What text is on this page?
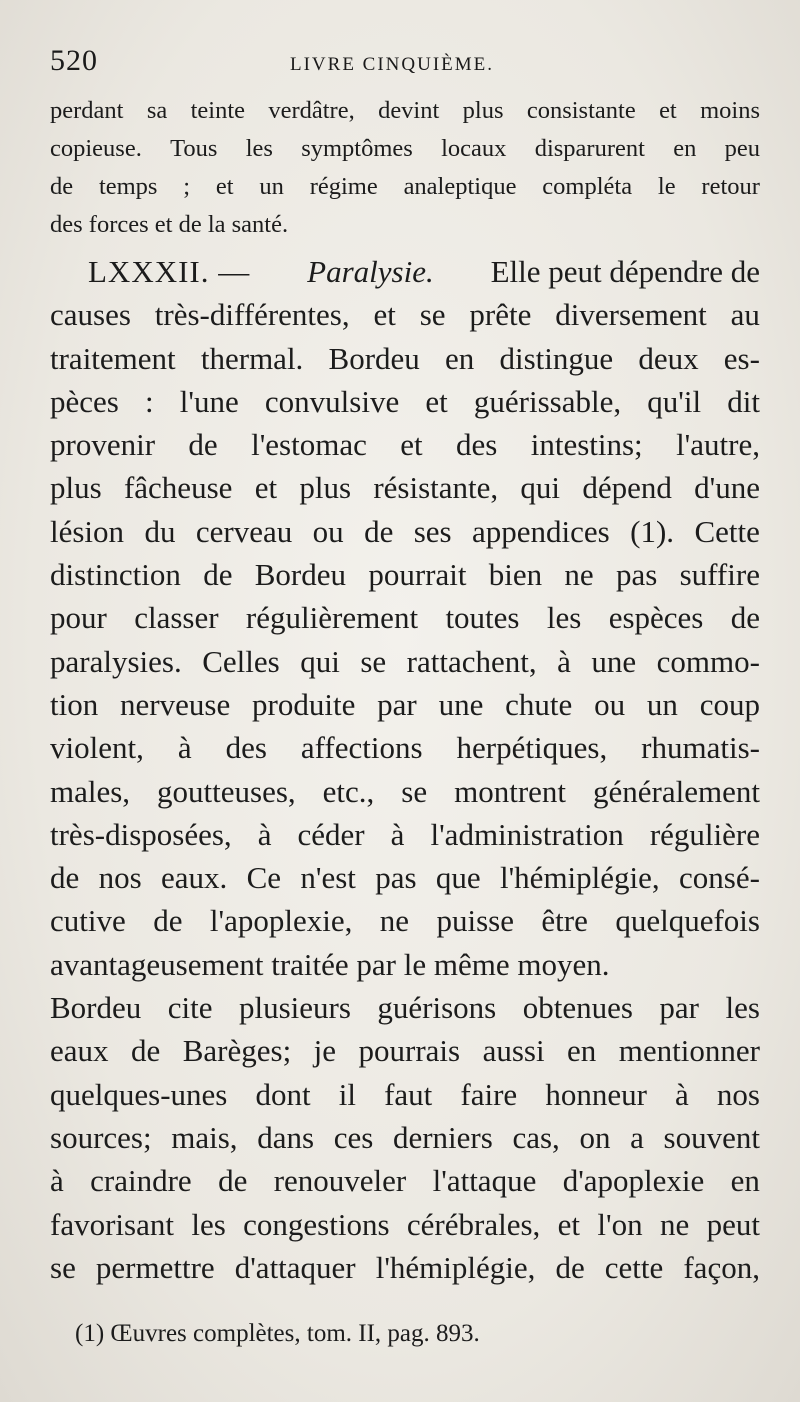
520	LIVRE CINQUIÈME.
perdant sa teinte verdâtre, devint plus consistante et moins
copieuse. Tous les symptômes locaux disparurent en peu
de temps ; et un régime analeptique compléta le retour
des forces et de la santé.
LXXXII. — Paralysie. Elle peut dépendre de
causes très-différentes, et se prête diversement au
traitement thermal. Bordeu en distingue deux es-
pèces : l'une convulsive et guérissable, qu'il dit
provenir de l'estomac et des intestins; l'autre,
plus fâcheuse et plus résistante, qui dépend d'une
lésion du cerveau ou de ses appendices (1). Cette
distinction de Bordeu pourrait bien ne pas suffire
pour classer régulièrement toutes les espèces de
paralysies. Celles qui se rattachent, à une commo-
tion nerveuse produite par une chute ou un coup
violent, à des affections herpétiques, rhumatis-
males, goutteuses, etc., se montrent généralement
très-disposées, à céder à l'administration régulière
de nos eaux. Ce n'est pas que l'hémiplégie, consé-
cutive de l'apoplexie, ne puisse être quelquefois
avantageusement traitée par le même moyen.
Bordeu cite plusieurs guérisons obtenues par les
eaux de Barèges; je pourrais aussi en mentionner
quelques-unes dont il faut faire honneur à nos
sources; mais, dans ces derniers cas, on a souvent
à craindre de renouveler l'attaque d'apoplexie en
favorisant les congestions cérébrales, et l'on ne peut
se permettre d'attaquer l'hémiplégie, de cette façon,
(1) Œuvres complètes, tom. II, pag. 893.
